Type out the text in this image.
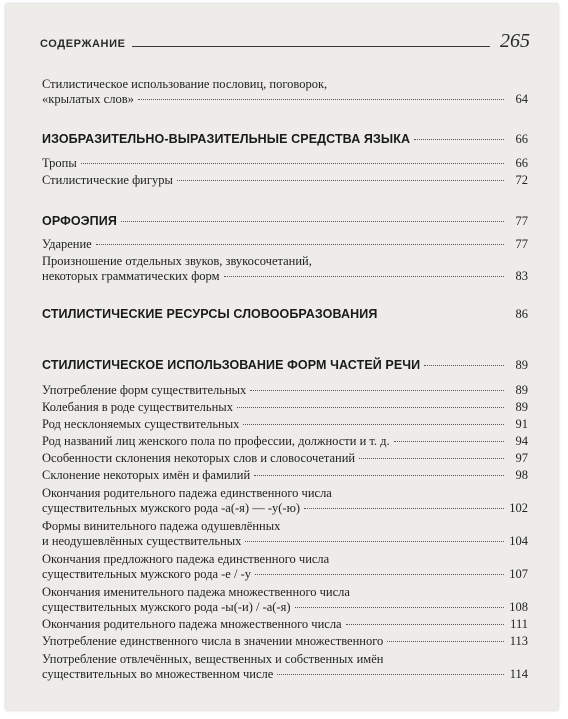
СОДЕРЖАНИЕ	265
Стилистическое использование пословиц, поговорок,
«крылатых слов»	64
ИЗОБРАЗИТЕЛЬНО-ВЫРАЗИТЕЛЬНЫЕ СРЕДСТВА ЯЗЫКА	66
Тропы	66
Стилистические фигуры	72
ОРФОЭПИЯ	77
Ударение	77
Произношение отдельных звуков, звукосочетаний,
некоторых грамматических форм	83
СТИЛИСТИЧЕСКИЕ РЕСУРСЫ СЛОВООБРАЗОВАНИЯ	86
СТИЛИСТИЧЕСКОЕ ИСПОЛЬЗОВАНИЕ ФОРМ ЧАСТЕЙ РЕЧИ	89
Употребление форм существительных	89
Колебания в роде существительных	89
Род несклоняемых существительных	91
Род названий лиц женского пола по профессии, должности и т. д.	94
Особенности склонения некоторых слов и словосочетаний	97
Склонение некоторых имён и фамилий	98
Окончания родительного падежа единственного числа
существительных мужского рода -а(-я) — -у(-ю)	102
Формы винительного падежа одушевлённых
и неодушевлённых существительных	104
Окончания предложного падежа единственного числа
существительных мужского рода -е / -у	107
Окончания именительного падежа множественного числа
существительных мужского рода -ы(-и) / -а(-я)	108
Окончания родительного падежа множественного числа	111
Употребление единственного числа в значении множественного	113
Употребление отвлечённых, вещественных и собственных имён
существительных во множественном числе	114
